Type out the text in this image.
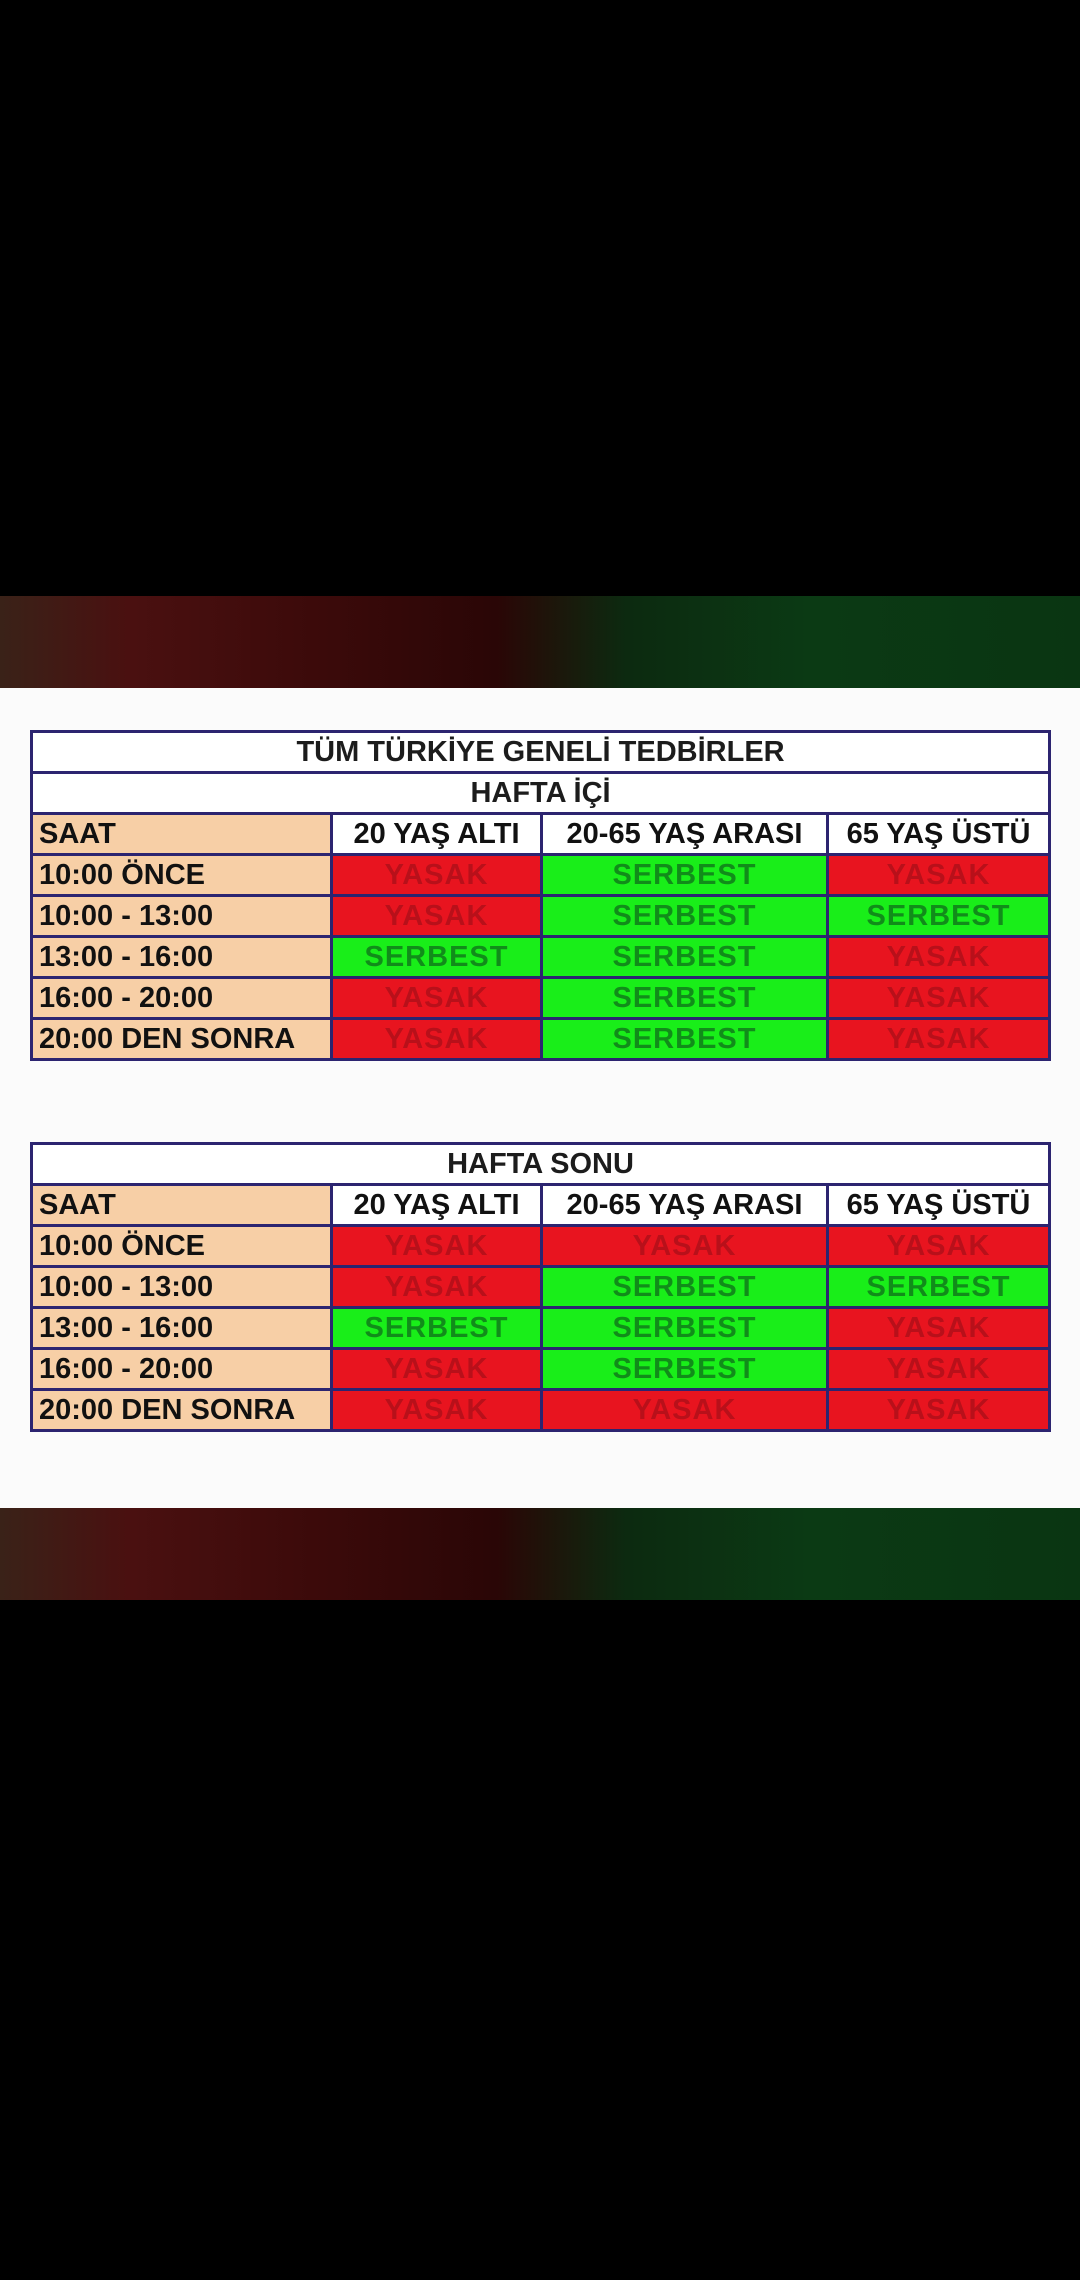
TÜM TÜRKİYE GENELİ TEDBİRLER			
HAFTA İÇİ			
SAAT	20 YAŞ ALTI	20-65 YAŞ ARASI	65 YAŞ ÜSTÜ
10:00 ÖNCE	YASAK	SERBEST	YASAK
10:00 - 13:00	YASAK	SERBEST	SERBEST
13:00 - 16:00	SERBEST	SERBEST	YASAK
16:00 - 20:00	YASAK	SERBEST	YASAK
20:00 DEN SONRA	YASAK	SERBEST	YASAK
HAFTA SONU			
SAAT	20 YAŞ ALTI	20-65 YAŞ ARASI	65 YAŞ ÜSTÜ
10:00 ÖNCE	YASAK	YASAK	YASAK
10:00 - 13:00	YASAK	SERBEST	SERBEST
13:00 - 16:00	SERBEST	SERBEST	YASAK
16:00 - 20:00	YASAK	SERBEST	YASAK
20:00 DEN SONRA	YASAK	YASAK	YASAK
